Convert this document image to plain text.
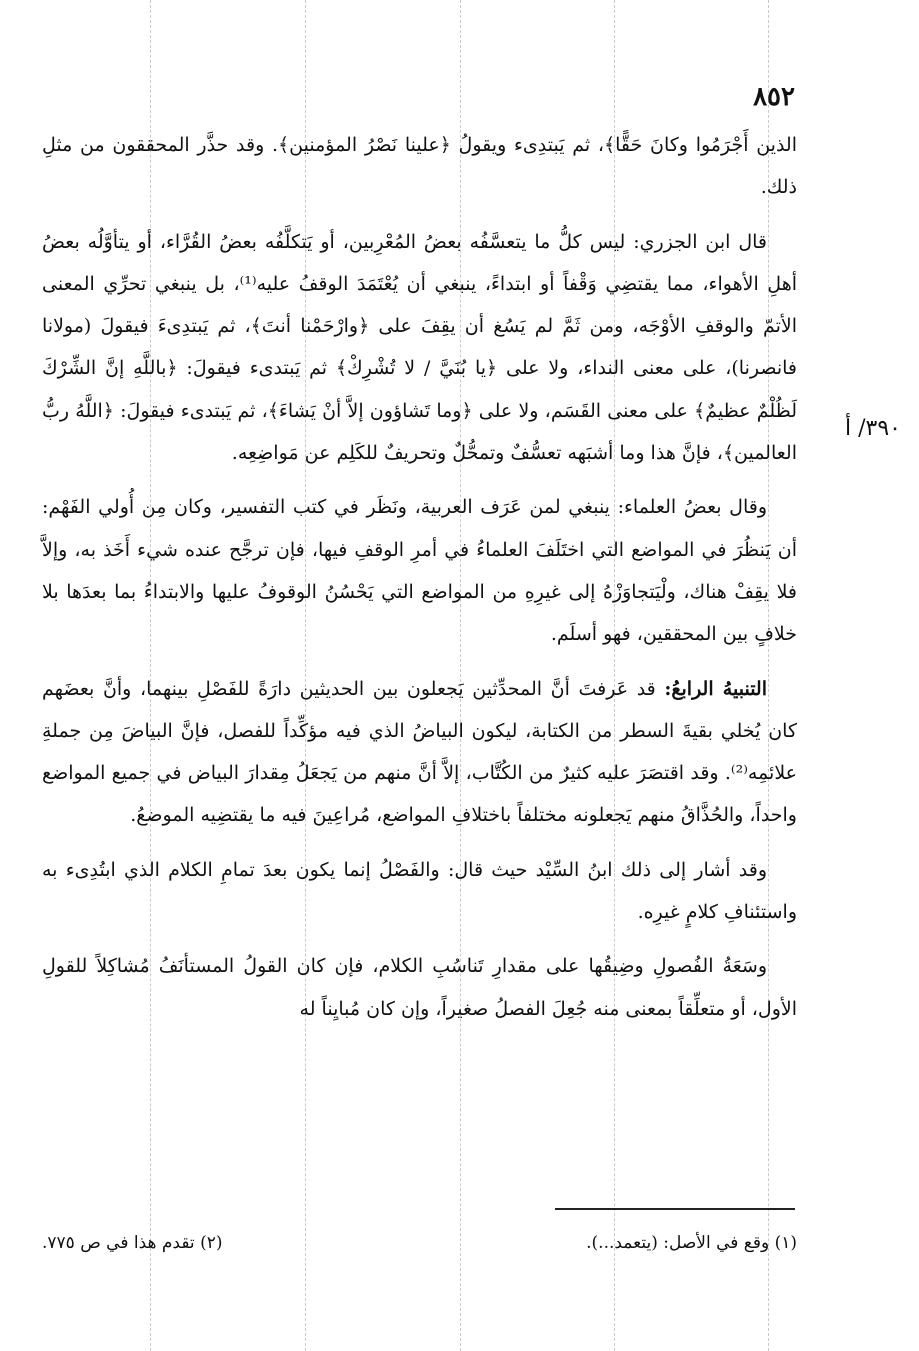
٨٥٢
٣٩٠/ أ

الذين أَجْرَمُوا وكانَ حَقًّا﴾، ثم يَبتدِىء ويقولُ ﴿علينا نَصْرُ المؤمنين﴾. وقد حذَّر المحققون من مثلِ ذلك.

قال ابن الجزري: ليس كلُّ ما يتعسَّفُه بعضُ المُعْرِبين، أو يَتكلَّفُه بعضُ القُرَّاء، أو يتأوَّلُه بعضُ أهلِ الأهواء، مما يقتضِي وَقْفاً أو ابتداءً، ينبغي أن يُعْتَمَدَ الوقفُ عليه⁽¹⁾، بل ينبغي تحرِّي المعنى الأتمّ والوقفِ الأوْجَه، ومن ثَمَّ لم يَسُغ أن يقِفَ على ﴿وارْحَمْنا أنتَ﴾، ثم يَبتدِىءَ فيقولَ (مولانا فانصرنا)، على معنى النداء، ولا على ﴿يا بُنَيَّ / لا تُشْرِكْ﴾ ثم يَبتدىء فيقولَ: ﴿باللَّهِ إنَّ الشِّرْكَ لَظُلْمٌ عظيمٌ﴾ على معنى القَسَم، ولا على ﴿وما تَشاؤون إلاَّ أنْ يَشاءَ﴾، ثم يَبتدىء فيقولَ: ﴿اللَّهُ ربُّ العالمين﴾، فإنَّ هذا وما أشبَهه تعسُّفٌ وتمحُّلٌ وتحريفٌ للكَلِم عن مَواضِعِه.

وقال بعضُ العلماء: ينبغي لمن عَرَف العربية، ونَظَر في كتب التفسير، وكان مِن أُولي الفَهْم: أن يَنظُرَ في المواضع التي اختَلَفَ العلماءُ في أمرِ الوقفِ فيها، فإن ترجَّح عنده شيء أَخَذ به، وإلاَّ فلا يقِفْ هناك، ولْيَتجاوَزْهُ إلى غيرِهِ من المواضع التي يَحْسُنُ الوقوفُ عليها والابتداءُ بما بعدَها بلا خلافٍ بين المحققين، فهو أسلَم.

التنبيهُ الرابعُ: قد عَرفتَ أنَّ المحدِّثين يَجعلون بين الحديثين دارَةً للفَصْلِ بينهما، وأنَّ بعضَهم كان يُخلي بقيةَ السطر من الكتابة، ليكون البياضُ الذي فيه مؤكِّداً للفصل، فإنَّ البياضَ مِن جملةِ علائمِه⁽²⁾. وقد اقتصَرَ عليه كثيرٌ من الكُتَّاب، إلاَّ أنَّ منهم من يَجعَلُ مِقدارَ البياض في جميع المواضع واحداً، والحُذَّاقُ منهم يَجعلونه مختلفاً باختلافِ المواضع، مُراعِينَ فيه ما يقتضِيه الموضعُ.

وقد أشار إلى ذلك ابنُ السِّيْد حيث قال: والفَصْلُ إنما يكون بعدَ تمامِ الكلام الذي ابتُدِىء به واستئنافِ كلامٍ غيرِه.

وسَعَةُ الفُصولِ وضِيقُها على مقدارِ تَناسُبِ الكلام، فإن كان القولُ المستأنَفُ مُشاكِلاً للقولِ الأول، أو متعلِّقاً بمعنى منه جُعِلَ الفصلُ صغيراً، وإن كان مُبايِناً له

(١) وقع في الأصل: (يتعمد...).
(٢) تقدم هذا في ص ٧٧٥.
